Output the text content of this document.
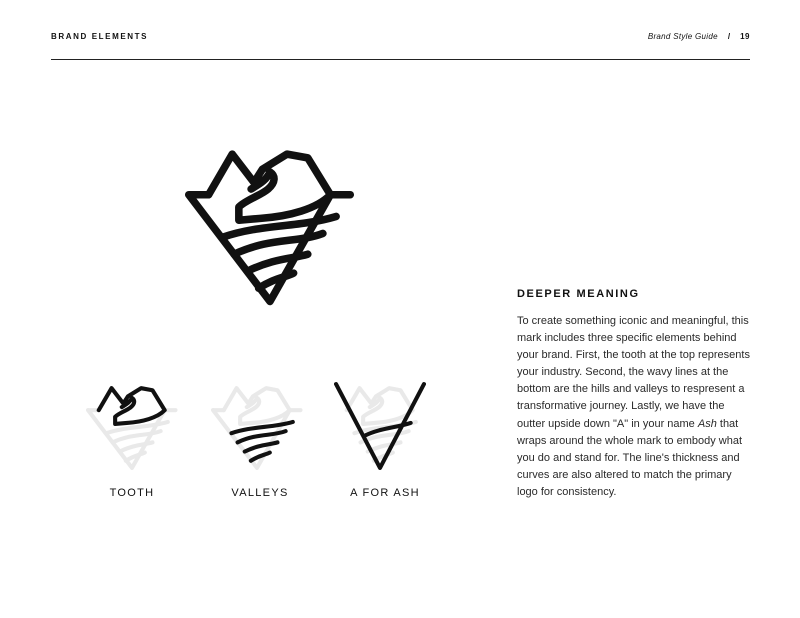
BRAND ELEMENTS	Brand Style Guide / 19
TOOTH	VALLEYS	A FOR ASH
DEEPER MEANING
To create something iconic and meaningful, this mark includes three specific elements behind your brand. First, the tooth at the top represents your industry. Second, the wavy lines at the bottom are the hills and valleys to respresent a transformative journey. Lastly, we have the outter upside down "A" in your name Ash that wraps around the whole mark to embody what you do and stand for. The line's thickness and curves are also altered to match the primary logo for consistency.
